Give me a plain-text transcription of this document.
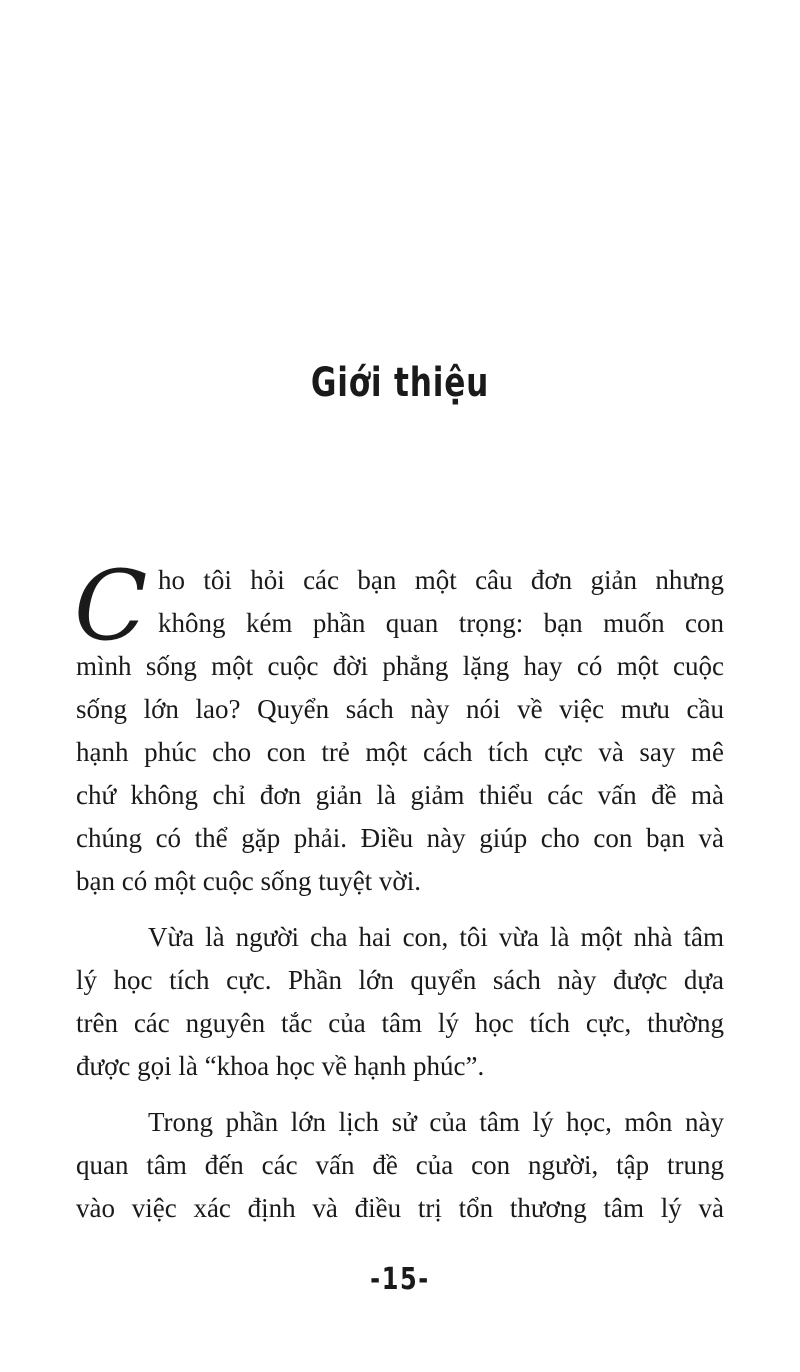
Giới thiệu
C ho tôi hỏi các bạn một câu đơn giản nhưng
không kém phần quan trọng: bạn muốn con
mình sống một cuộc đời phẳng lặng hay có một cuộc
sống lớn lao? Quyển sách này nói về việc mưu cầu
hạnh phúc cho con trẻ một cách tích cực và say mê
chứ không chỉ đơn giản là giảm thiểu các vấn đề mà
chúng có thể gặp phải. Điều này giúp cho con bạn và
bạn có một cuộc sống tuyệt vời.
Vừa là người cha hai con, tôi vừa là một nhà tâm
lý học tích cực. Phần lớn quyển sách này được dựa
trên các nguyên tắc của tâm lý học tích cực, thường
được gọi là “khoa học về hạnh phúc”.
Trong phần lớn lịch sử của tâm lý học, môn này
quan tâm đến các vấn đề của con người, tập trung
vào việc xác định và điều trị tổn thương tâm lý và
-15-
